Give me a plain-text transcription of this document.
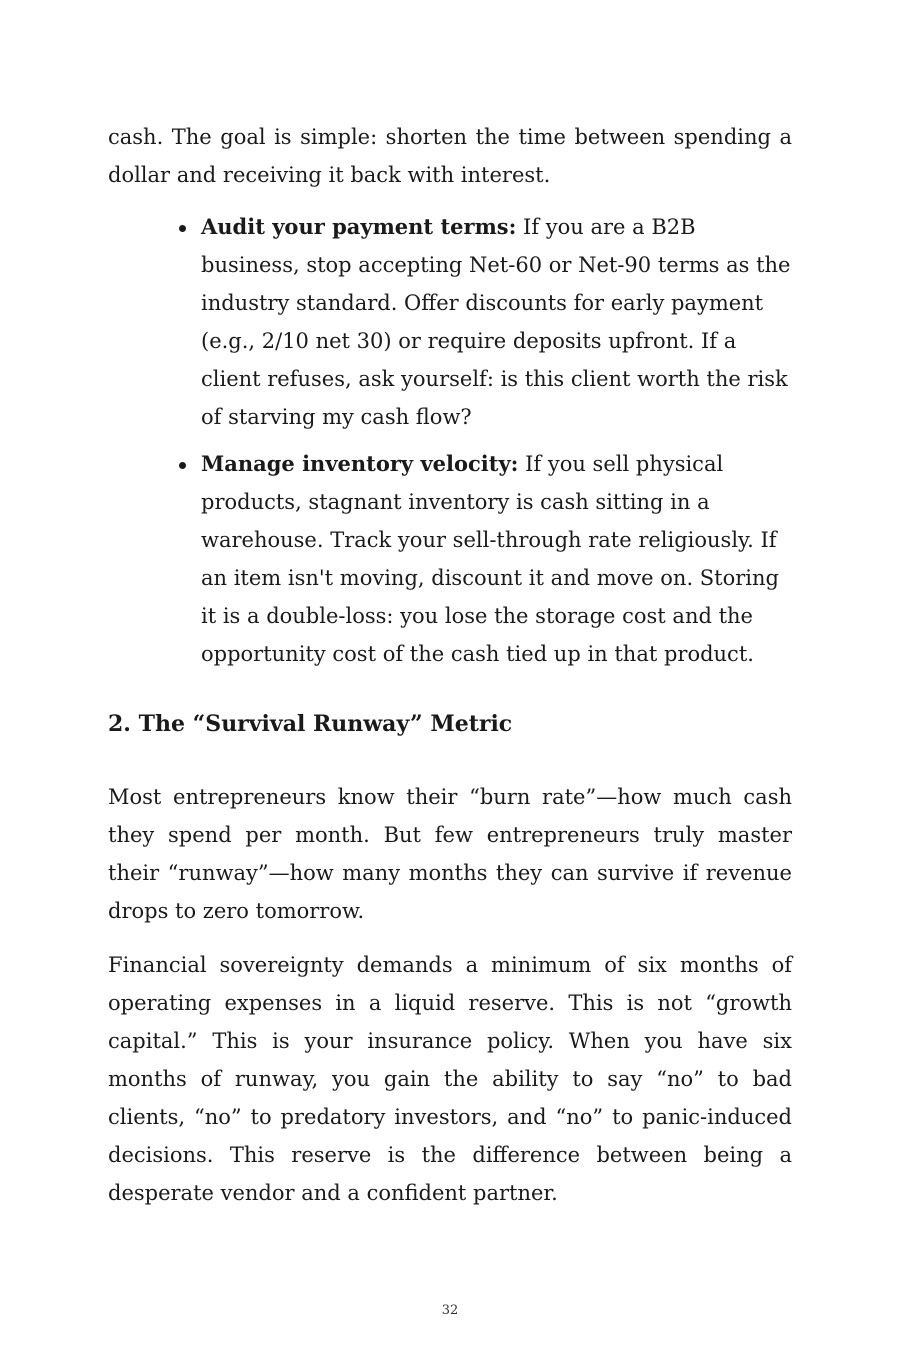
cash. The goal is simple: shorten the time between spending a dollar and receiving it back with interest.

Audit your payment terms: If you are a B2B business, stop accepting Net-60 or Net-90 terms as the industry standard. Offer discounts for early payment (e.g., 2/10 net 30) or require deposits upfront. If a client refuses, ask yourself: is this client worth the risk of starving my cash flow?
Manage inventory velocity: If you sell physical products, stagnant inventory is cash sitting in a warehouse. Track your sell-through rate religiously. If an item isn't moving, discount it and move on. Storing it is a double-loss: you lose the storage cost and the opportunity cost of the cash tied up in that product.
2. The “Survival Runway” Metric

Most entrepreneurs know their “burn rate”—how much cash they spend per month. But few entrepreneurs truly master their “runway”—how many months they can survive if revenue drops to zero tomorrow.

Financial sovereignty demands a minimum of six months of operating expenses in a liquid reserve. This is not “growth capital.” This is your insurance policy. When you have six months of runway, you gain the ability to say “no” to bad clients, “no” to predatory investors, and “no” to panic-induced decisions. This reserve is the difference between being a desperate vendor and a confident partner.

32
